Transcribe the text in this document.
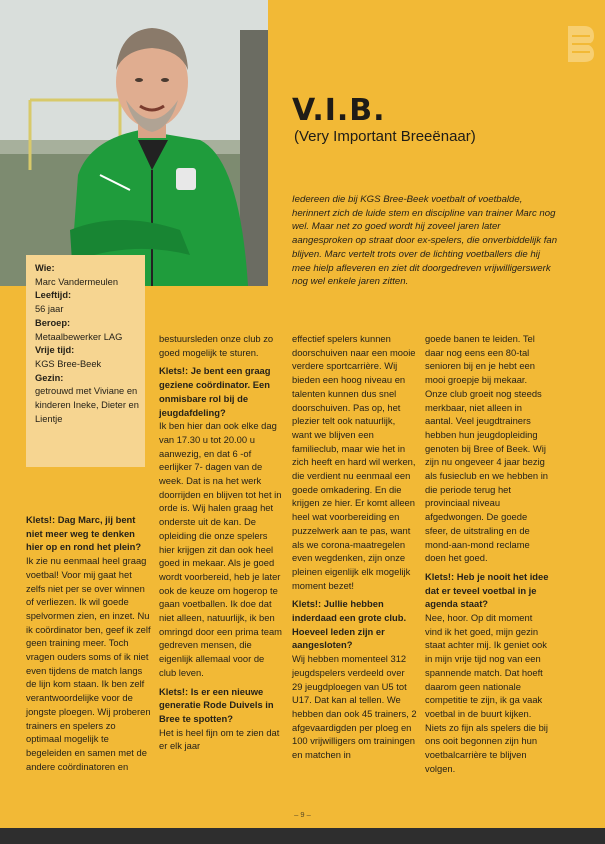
V.I.B.
(Very Important Breeënaar)
Iedereen die bij KGS Bree-Beek voetbalt of voetbalde, herinnert zich de luide stem en discipline van trainer Marc nog wel. Maar net zo goed wordt hij zoveel jaren later aangesproken op straat door ex-spelers, die onverbiddelijk fan blijven. Marc vertelt trots over de lichting voetballers die hij mee hielp afleveren en ziet dit doorgedreven vrijwilligerswerk nog wel enkele jaren zitten.
Wie:
Marc Vandermeulen
Leeftijd:
56 jaar
Beroep:
Metaalbewerker LAG
Vrije tijd:
KGS Bree-Beek
Gezin:
getrouwd met Viviane en kinderen Ineke, Dieter en Lientje

Klets!: Dag Marc, jij bent niet meer weg te denken hier op en rond het plein?
Ik zie nu eenmaal heel graag voetbal! Voor mij gaat het zelfs niet per se over winnen of verliezen. Ik wil goede spelvormen zien, en inzet. Nu ik coördinator ben, geef ik zelf geen training meer. Toch vragen ouders soms of ik niet even tijdens de match langs de lijn kom staan. Ik ben zelf verantwoordelijke voor de jongste ploegen. Wij proberen trainers en spelers zo optimaal mogelijk te begeleiden en samen met de andere coördinatoren en

bestuursleden onze club zo goed mogelijk te sturen.

Klets!: Je bent een graag geziene coördinator. Een onmisbare rol bij de jeugdafdeling?
Ik ben hier dan ook elke dag van 17.30 u tot 20.00 u aanwezig, en dat 6 -of eerlijker 7- dagen van de week. Dat is na het werk doorrijden en blijven tot het in orde is. Wij halen graag het onderste uit de kan. De opleiding die onze spelers hier krijgen zit dan ook heel goed in mekaar. Als je goed wordt voorbereid, heb je later ook de keuze om hogerop te gaan voetballen. Ik doe dat niet alleen, natuurlijk, ik ben omringd door een prima team gedreven mensen, die eigenlijk allemaal voor de club leven.

Klets!: Is er een nieuwe generatie Rode Duivels in Bree te spotten?
Het is heel fijn om te zien dat er elk jaar

effectief spelers kunnen doorschuiven naar een mooie verdere sportcarrière. Wij bieden een hoog niveau en talenten kunnen dus snel doorschuiven. Pas op, het plezier telt ook natuurlijk, want we blijven een familieclub, maar wie het in zich heeft en hard wil werken, die verdient nu eenmaal een goede omkadering. En die krijgen ze hier. Er komt alleen heel wat voorbereiding en puzzelwerk aan te pas, want als we corona-maatregelen even wegdenken, zijn onze pleinen eigenlijk elk mogelijk moment bezet!

Klets!: Jullie hebben inderdaad een grote club. Hoeveel leden zijn er aangesloten?
Wij hebben momenteel 312 jeugdspelers verdeeld over 29 jeugdploegen van U5 tot U17. Dat kan al tellen. We hebben dan ook 45 trainers, 2 afgevaardigden per ploeg en 100 vrijwilligers om trainingen en matchen in

goede banen te leiden. Tel daar nog eens een 80-tal senioren bij en je hebt een mooi groepje bij mekaar. Onze club groeit nog steeds merkbaar, niet alleen in aantal. Veel jeugdtrainers hebben hun jeugdopleiding genoten bij Bree of Beek. Wij zijn nu ongeveer 4 jaar bezig als fusieclub en we hebben in die periode terug het provinciaal niveau afgedwongen. De goede sfeer, de uitstraling en de mond-aan-mond reclame doen het goed.

Klets!: Heb je nooit het idee dat er teveel voetbal in je agenda staat?
Nee, hoor. Op dit moment vind ik het goed, mijn gezin staat achter mij. Ik geniet ook in mijn vrije tijd nog van een spannende match. Dat hoeft daarom geen nationale competitie te zijn, ik ga vaak voetbal in de buurt kijken. Niets zo fijn als spelers die bij ons ooit begonnen zijn hun voetbalcarrière te blijven volgen.

– 9 –
